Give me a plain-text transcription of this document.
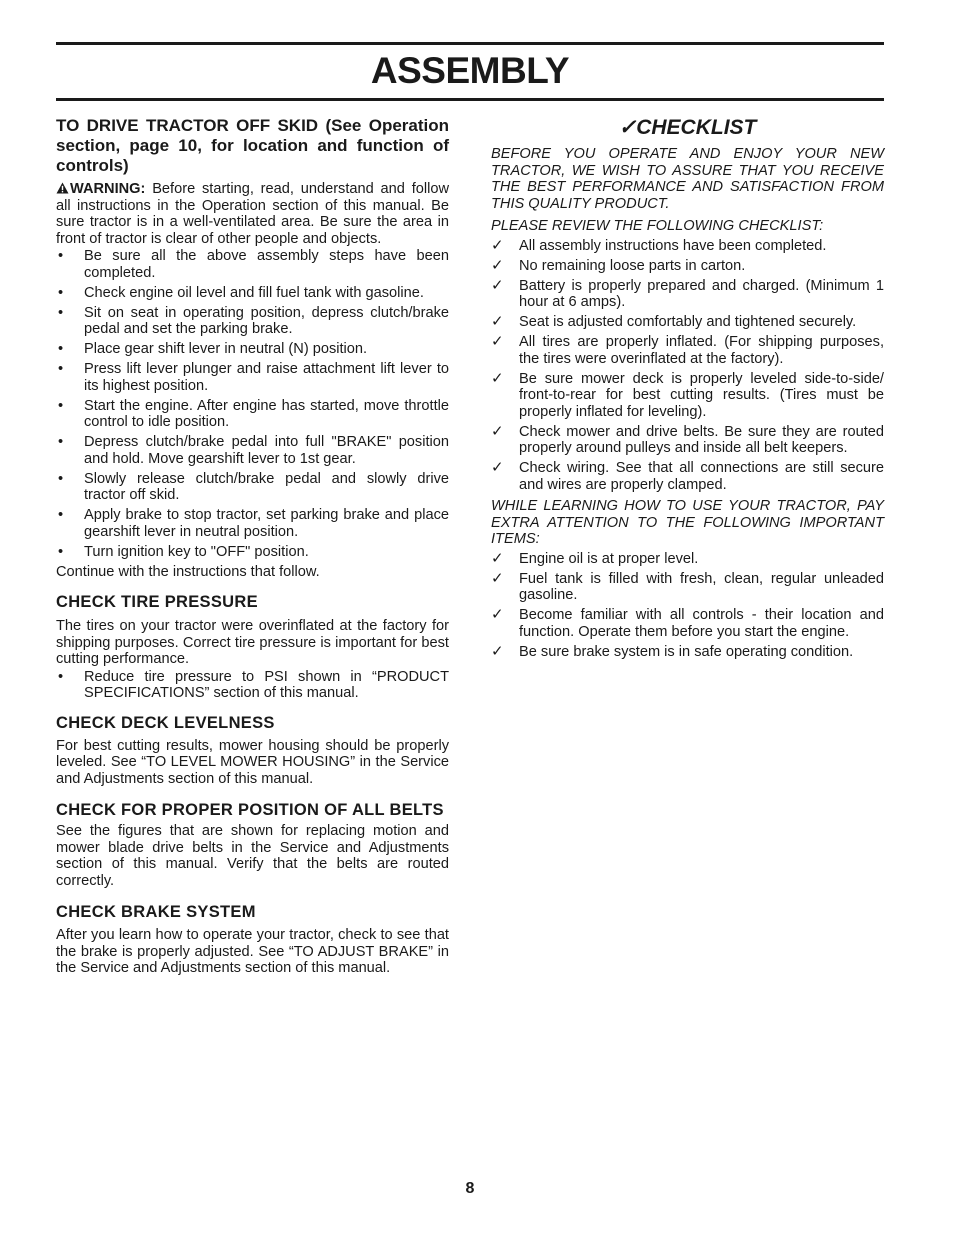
ASSEMBLY

TO DRIVE TRACTOR OFF SKID (See Operation section, page 10, for location and function of controls)

WARNING: Before starting, read, understand and follow all instructions in the Operation section of this manual. Be sure tractor is in a well-ventilated area. Be sure the area in front of tractor is clear of other people and objects.

• Be sure all the above assembly steps have been completed.
• Check engine oil level and fill fuel tank with gasoline.
• Sit on seat in operating position, depress clutch/brake pedal and set the parking brake.
• Place gear shift lever in neutral (N) position.
• Press lift lever plunger and raise attachment lift lever to its highest position.
• Start the engine. After engine has started, move throttle control to idle position.
• Depress clutch/brake pedal into full "BRAKE" position and hold. Move gearshift lever to 1st gear.
• Slowly release clutch/brake pedal and slowly drive tractor off skid.
• Apply brake to stop tractor, set parking brake and place gearshift lever in neutral position.
• Turn ignition key to "OFF" position.

Continue with the instructions that follow.

CHECK TIRE PRESSURE

The tires on your tractor were overinflated at the factory for shipping purposes. Correct tire pressure is important for best cutting performance.

• Reduce tire pressure to PSI shown in “PRODUCT SPECIFICATIONS” section of this manual.

CHECK DECK LEVELNESS

For best cutting results, mower housing should be properly leveled. See “TO LEVEL MOWER HOUSING” in the Service and Adjustments section of this manual.

CHECK FOR PROPER POSITION OF ALL BELTS

See the figures that are shown for replacing motion and mower blade drive belts in the Service and Adjustments section of this manual. Verify that the belts are routed correctly.

CHECK BRAKE SYSTEM

After you learn how to operate your tractor, check to see that the brake is properly adjusted. See “TO ADJUST BRAKE” in the Service and Adjustments section of this manual.

✓CHECKLIST

BEFORE YOU OPERATE AND ENJOY YOUR NEW TRACTOR, WE WISH TO ASSURE THAT YOU RECEIVE THE BEST PERFORMANCE AND SATISFACTION FROM THIS QUALITY PRODUCT.

PLEASE REVIEW THE FOLLOWING CHECKLIST:

✓ All assembly instructions have been completed.
✓ No remaining loose parts in carton.
✓ Battery is properly prepared and charged. (Minimum 1 hour at 6 amps).
✓ Seat is adjusted comfortably and tightened securely.
✓ All tires are properly inflated. (For shipping purposes, the tires were overinflated at the factory).
✓ Be sure mower deck is properly leveled side-to-side/ front-to-rear for best cutting results. (Tires must be properly inflated for leveling).
✓ Check mower and drive belts. Be sure they are routed properly around pulleys and inside all belt keepers.
✓ Check wiring. See that all connections are still secure and wires are properly clamped.

WHILE LEARNING HOW TO USE YOUR TRACTOR, PAY EXTRA ATTENTION TO THE FOLLOWING IMPORTANT ITEMS:

✓ Engine oil is at proper level.
✓ Fuel tank is filled with fresh, clean, regular unleaded gasoline.
✓ Become familiar with all controls - their location and function. Operate them before you start the engine.
✓ Be sure brake system is in safe operating condition.
8
